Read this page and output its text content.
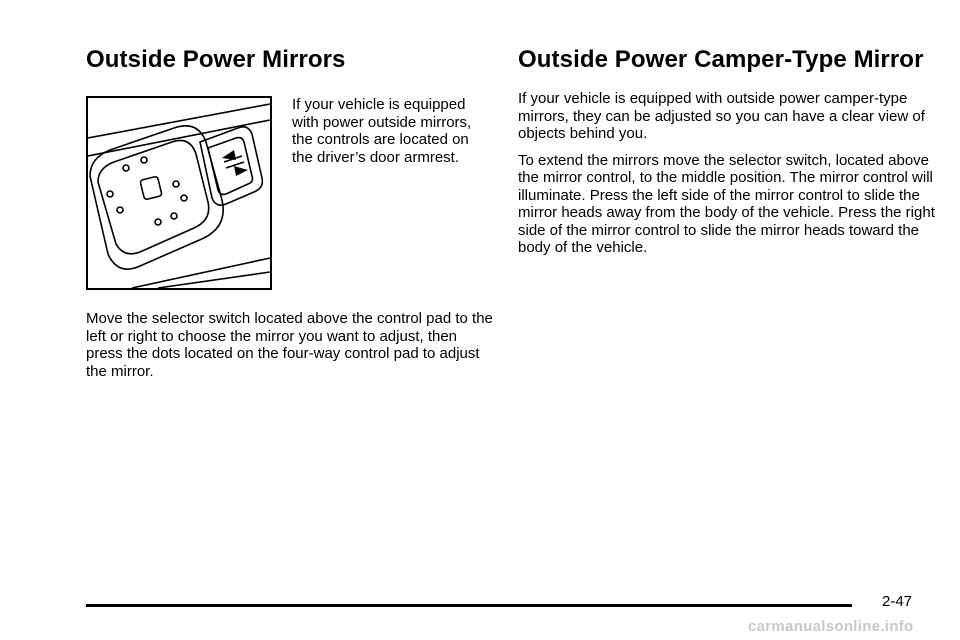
Outside Power Mirrors

If your vehicle is equipped with power outside mirrors, the controls are located on the driver’s door armrest.

Move the selector switch located above the control pad to the left or right to choose the mirror you want to adjust, then press the dots located on the four-way control pad to adjust the mirror.

Outside Power Camper-Type Mirror

If your vehicle is equipped with outside power camper-type mirrors, they can be adjusted so you can have a clear view of objects behind you.

To extend the mirrors move the selector switch, located above the mirror control, to the middle position. The mirror control will illuminate. Press the left side of the mirror control to slide the mirror heads away from the body of the vehicle. Press the right side of the mirror control to slide the mirror heads toward the body of the vehicle.

2-47
carmanualsonline.info
